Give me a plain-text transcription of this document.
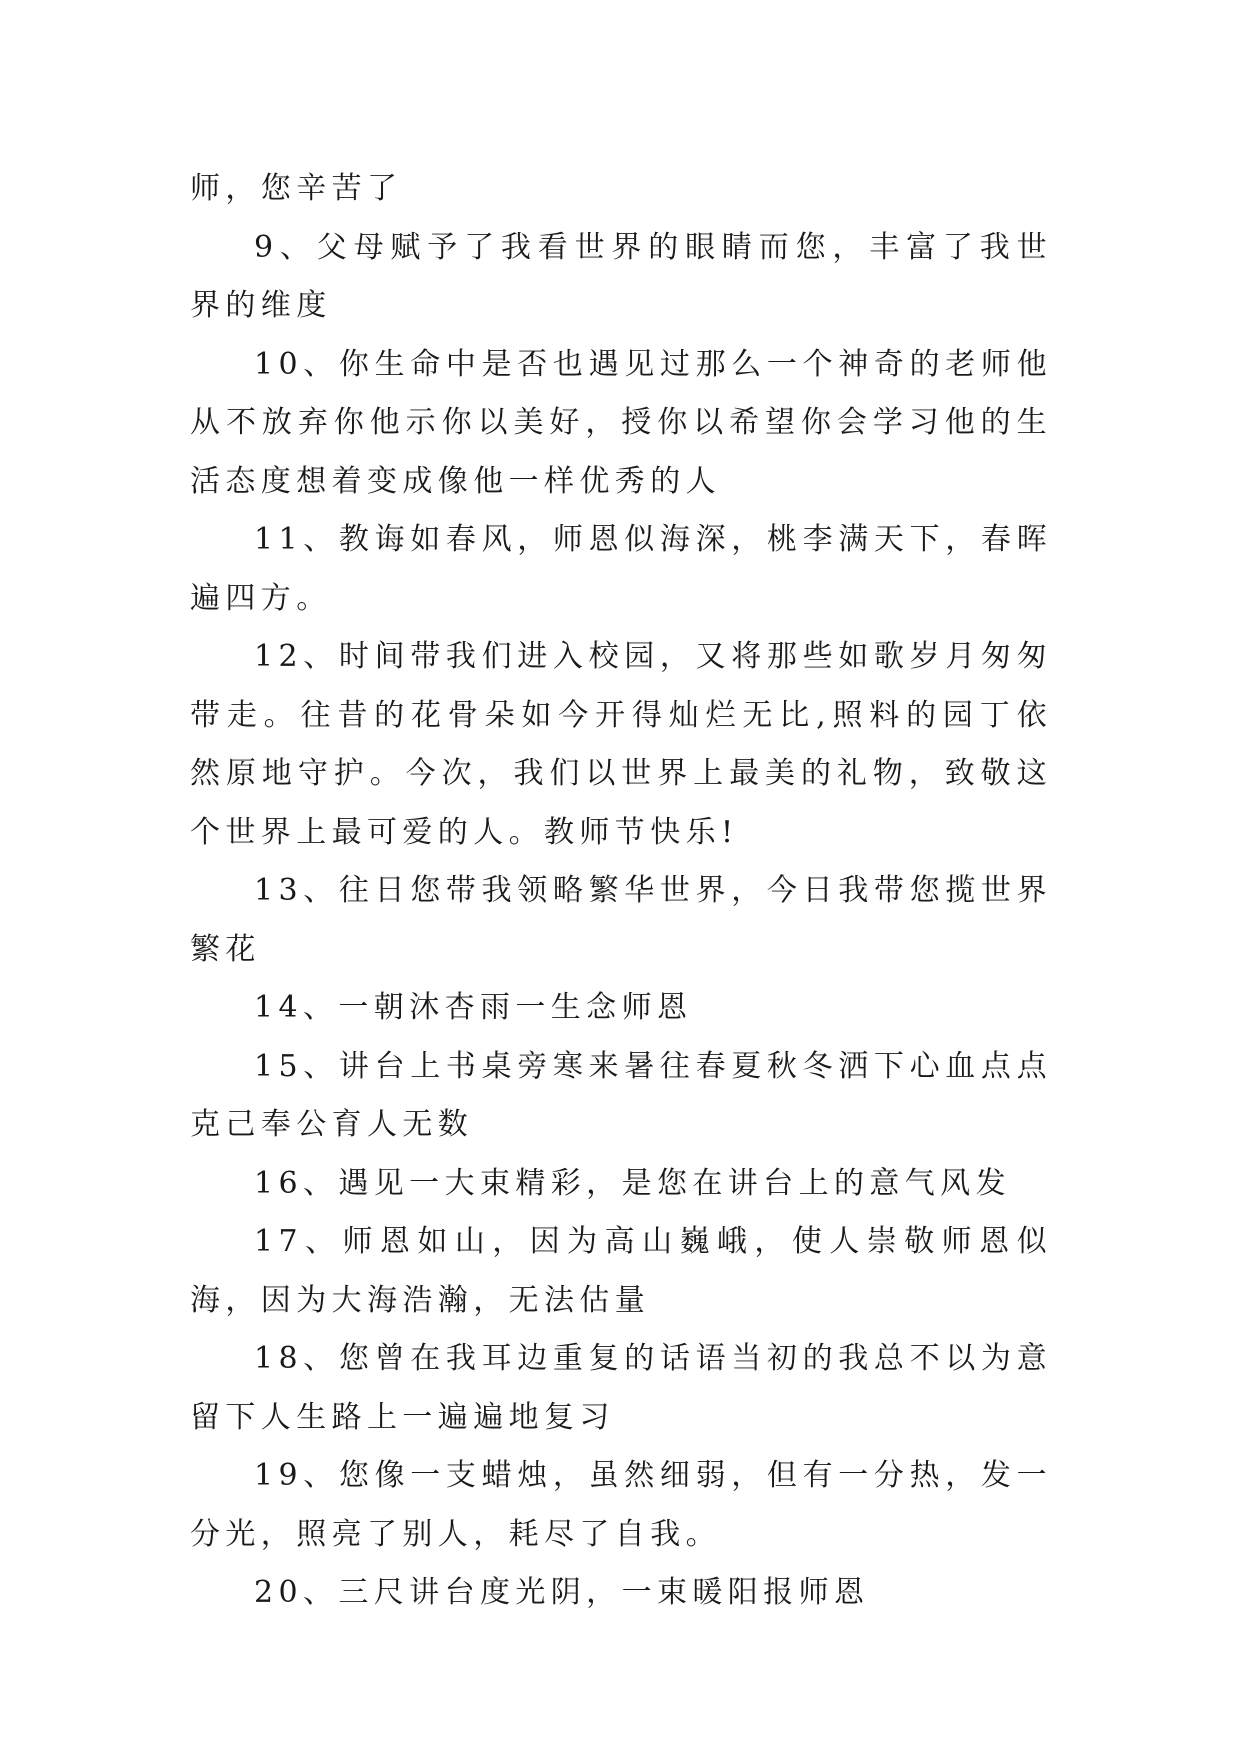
师，您辛苦了

9、父母赋予了我看世界的眼睛而您，丰富了我世界的维度

10、你生命中是否也遇见过那么一个神奇的老师他从不放弃你他示你以美好，授你以希望你会学习他的生活态度想着变成像他一样优秀的人

11、教诲如春风，师恩似海深，桃李满天下，春晖遍四方。

12、时间带我们进入校园，又将那些如歌岁月匆匆带走。往昔的花骨朵如今开得灿烂无比,照料的园丁依然原地守护。今次，我们以世界上最美的礼物，致敬这个世界上最可爱的人。教师节快乐!

13、往日您带我领略繁华世界，今日我带您揽世界繁花

14、一朝沐杏雨一生念师恩

15、讲台上书桌旁寒来暑往春夏秋冬洒下心血点点克己奉公育人无数

16、遇见一大束精彩，是您在讲台上的意气风发

17、师恩如山，因为高山巍峨，使人崇敬师恩似海，因为大海浩瀚，无法估量

18、您曾在我耳边重复的话语当初的我总不以为意留下人生路上一遍遍地复习

19、您像一支蜡烛，虽然细弱，但有一分热，发一分光，照亮了别人，耗尽了自我。

20、三尺讲台度光阴，一束暖阳报师恩
